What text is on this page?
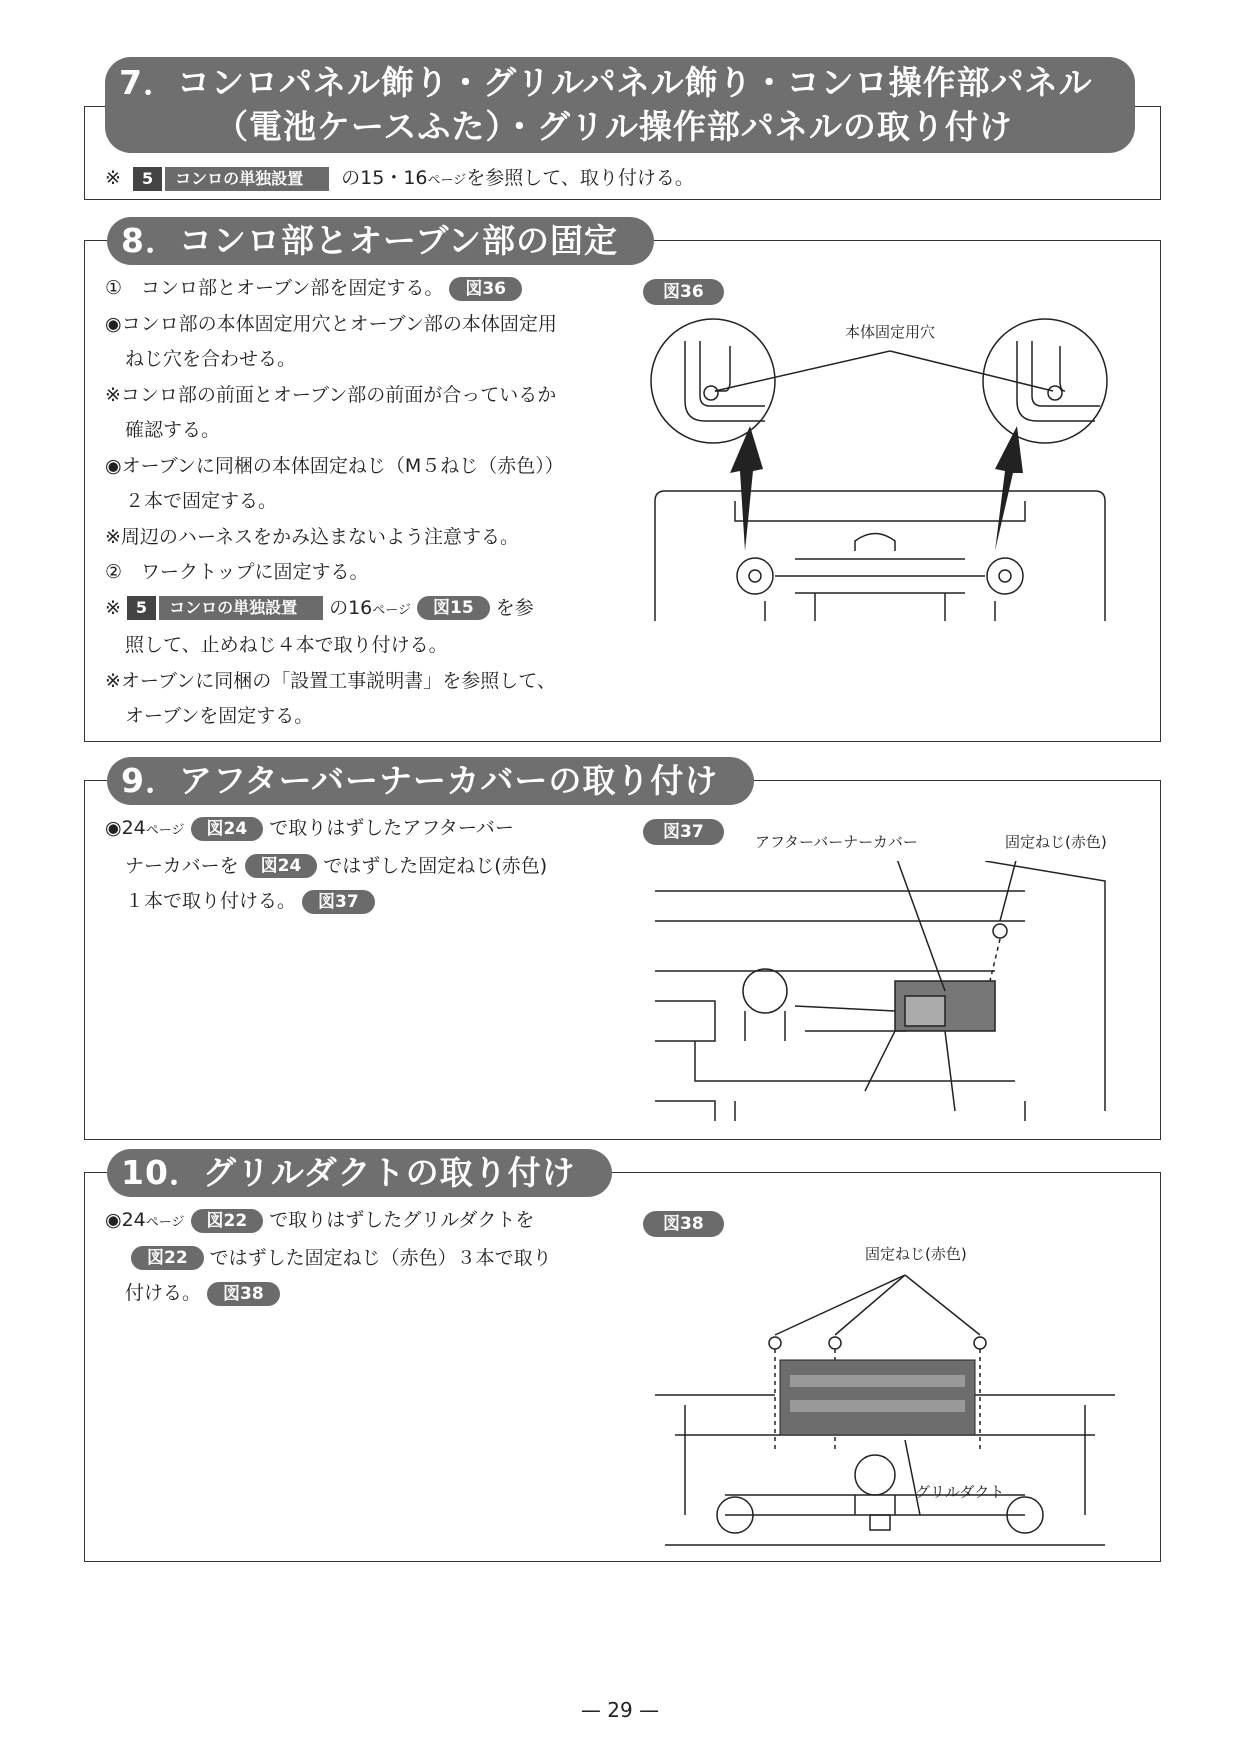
7．コンロパネル飾り・グリルパネル飾り・コンロ操作部パネル
（電池ケースふた）・グリル操作部パネルの取り付け
※ 5 コンロの単独設置 の15・16ページを参照して、取り付ける。
8．コンロ部とオーブン部の固定
①　コンロ部とオーブン部を固定する。 図36
◉コンロ部の本体固定用穴とオーブン部の本体固定用
ねじ穴を合わせる。
※コンロ部の前面とオーブン部の前面が合っているか
確認する。
◉オーブンに同梱の本体固定ねじ（M５ねじ（赤色））
２本で固定する。
※周辺のハーネスをかみ込まないよう注意する。
②　ワークトップに固定する。
※ 5 コンロの単独設置 の16ページ 図15 を参
照して、止めねじ４本で取り付ける。
※オーブンに同梱の「設置工事説明書」を参照して、
オーブンを固定する。
図36
本体固定用穴
9．アフターバーナーカバーの取り付け
◉24ページ 図24 で取りはずしたアフターバー
ナーカバーを 図24 ではずした固定ねじ(赤色)
１本で取り付ける。 図37
図37	アフターバーナーカバー	固定ねじ(赤色)
10．グリルダクトの取り付け
◉24ページ 図22 で取りはずしたグリルダクトを
図22 ではずした固定ねじ（赤色）３本で取り
付ける。 図38
図38
固定ねじ(赤色)
グリルダクト
— 29 —
